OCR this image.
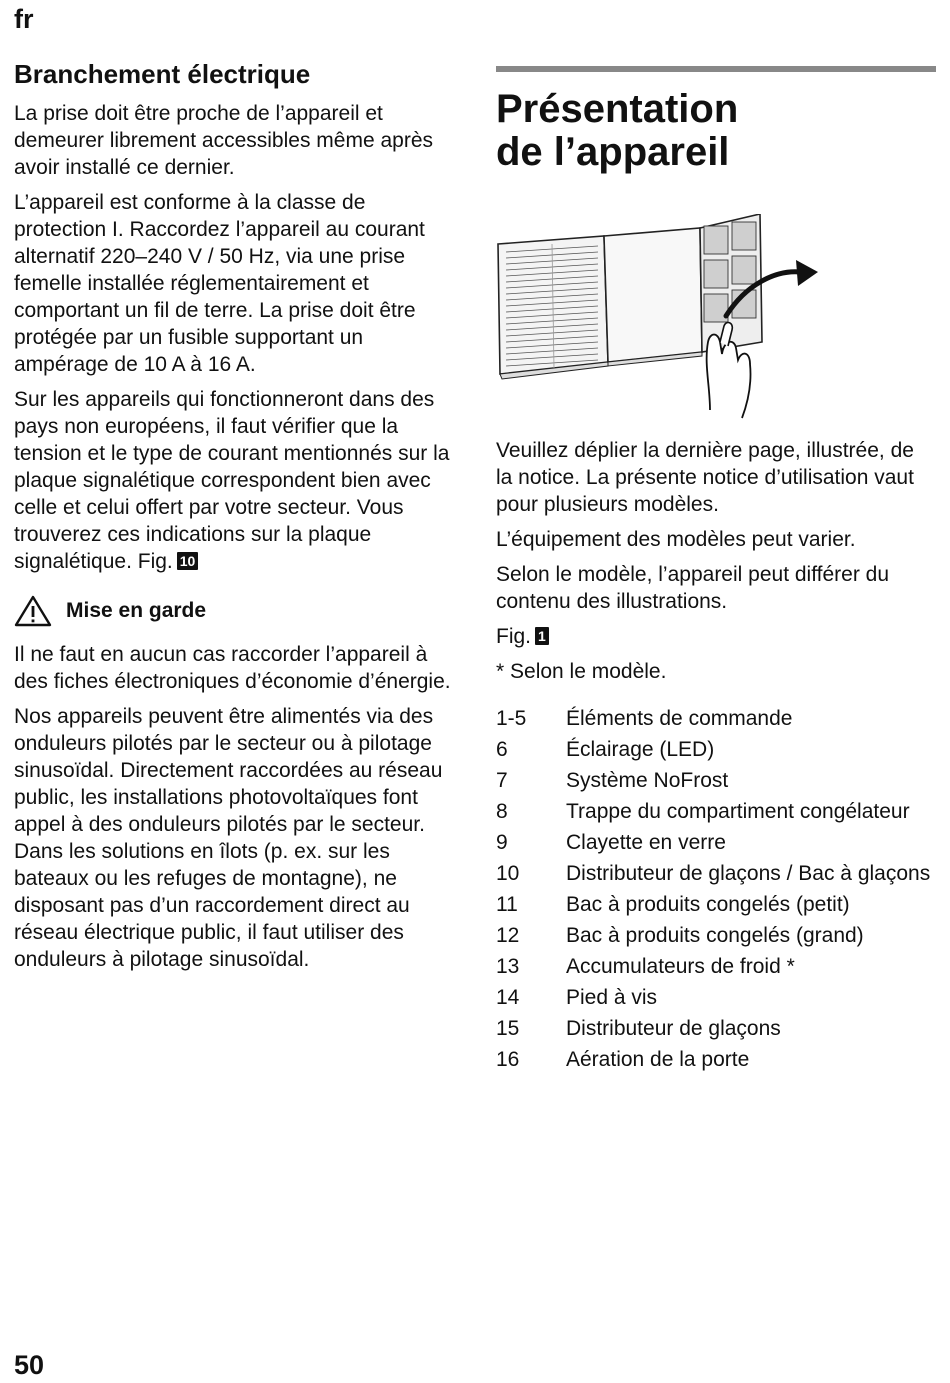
fr
Branchement électrique

La prise doit être proche de l’appareil et demeurer librement accessibles même après avoir installé ce dernier.

L’appareil est conforme à la classe de protection I. Raccordez l’appareil au courant alternatif 220–240 V / 50 Hz, via une prise femelle installée réglementairement et comportant un fil de terre. La prise doit être protégée par un fusible supportant un ampérage de 10 A à 16 A.

Sur les appareils qui fonctionneront dans des pays non européens, il faut vérifier que la tension et le type de courant mentionnés sur la plaque signalétique correspondent bien avec celle et celui offert par votre secteur. Vous trouverez ces indications sur la plaque signalétique. Fig. 10

Mise en garde

Il ne faut en aucun cas raccorder l’appareil à des fiches électroniques d’économie d’énergie.

Nos appareils peuvent être alimentés via des onduleurs pilotés par le secteur ou à pilotage sinusoïdal. Directement raccordées au réseau public, les installations photovoltaïques font appel à des onduleurs pilotés par le secteur. Dans les solutions en îlots (p. ex. sur les bateaux ou les refuges de montagne), ne disposant pas d’un raccordement direct au réseau électrique public, il faut utiliser des onduleurs à pilotage sinusoïdal.

Présentation
de l’appareil

Veuillez déplier la dernière page, illustrée, de la notice. La présente notice d’utilisation vaut pour plusieurs modèles.

L’équipement des modèles peut varier.

Selon le modèle, l’appareil peut différer du contenu des illustrations.

Fig. 1

* Selon le modèle.

1-5	Éléments de commande
6	Éclairage (LED)
7	Système NoFrost
8	Trappe du compartiment congélateur
9	Clayette en verre
10	Distributeur de glaçons / Bac à glaçons
11	Bac à produits congelés (petit)
12	Bac à produits congelés (grand)
13	Accumulateurs de froid *
14	Pied à vis
15	Distributeur de glaçons
16	Aération de la porte
50
